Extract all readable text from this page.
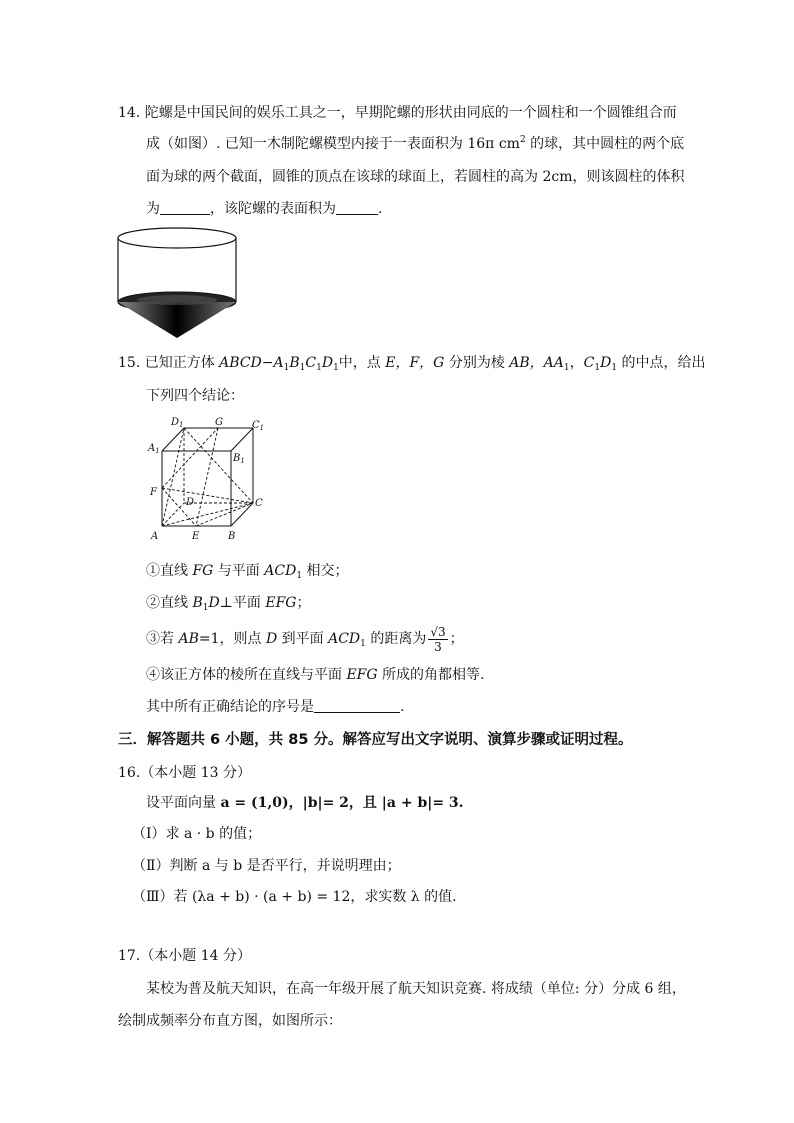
14. 陀螺是中国民间的娱乐工具之一，早期陀螺的形状由同底的一个圆柱和一个圆锥组合而
成（如图）. 已知一木制陀螺模型内接于一表面积为 16π $cm^2$ 的球，其中圆柱的两个底
面为球的两个截面，圆锥的顶点在该球的球面上，若圆柱的高为 2cm，则该圆柱的体积
为	，该陀螺的表面积为	.
15. 已知正方体 $ABCD-A_1B_1C_1D_1$中，点 E，F，G 分别为棱 AB，$AA_1$，$C_1D_1$ 的中点，给出
下列四个结论：
$D_1$	G	$C_1$
$A_1$
$B_1$
F
D	C
A	E	B
①直线 FG 与平面 $ACD_1$ 相交；
②直线 $B_1D\perp$平面 EFG；
③若 AB=1，则点 D 到平面 $ACD_1$ 的距离为 $\frac{√3}{3}$ ；
④该正方体的棱所在直线与平面 EFG 所成的角都相等.
其中所有正确结论的序号是	.
三．解答题共 6 小题，共 85 分。解答应写出文字说明、演算步骤或证明过程。
16.（本小题 13 分）
设平面向量 a = (1,0)，|b|= 2，且 |a + b|= 3.
（Ⅰ）求 a · b 的值；
（Ⅱ）判断 a 与 b 是否平行，并说明理由；
（Ⅲ）若 (λa + b) · (a + b) = 12，求实数 λ 的值.
17.（本小题 14 分）
某校为普及航天知识，在高一年级开展了航天知识竞赛. 将成绩（单位: 分）分成 6 组，
绘制成频率分布直方图，如图所示：
